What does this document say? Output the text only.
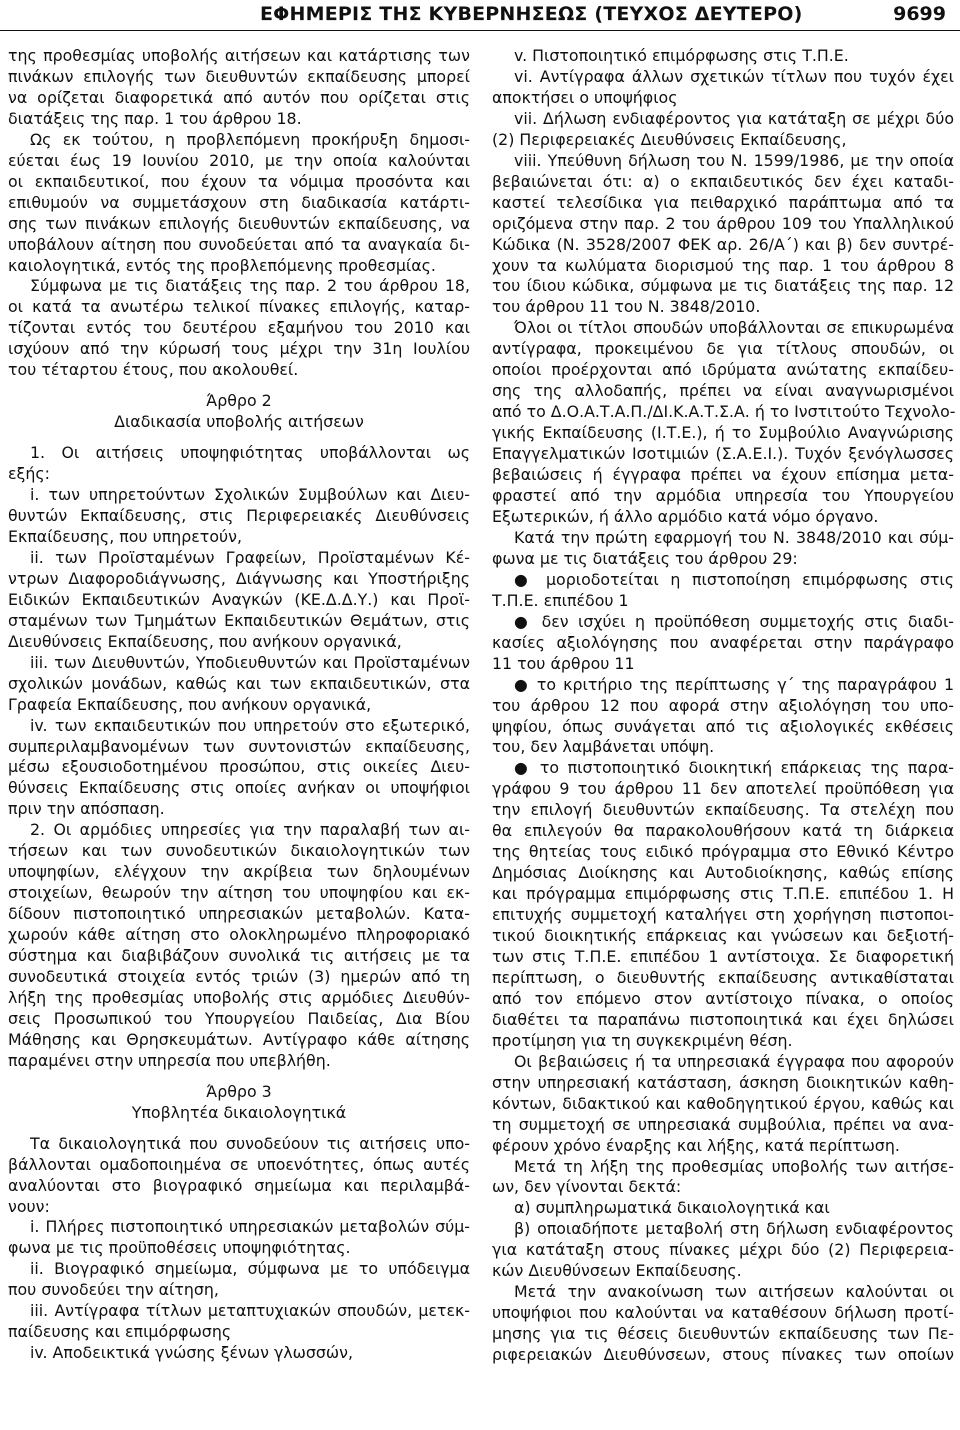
ΕΦΗΜΕΡΙΣ ΤΗΣ ΚΥΒΕΡΝΗΣΕΩΣ (ΤΕΥΧΟΣ ΔΕΥΤΕΡΟ)	9699
της προθεσμίας υποβολής αιτήσεων και κατάρτισης των
πινάκων επιλογής των διευθυντών εκπαίδευσης μπορεί
να ορίζεται διαφορετικά από αυτόν που ορίζεται στις
διατάξεις της παρ. 1 του άρθρου 18.
Ως εκ τούτου, η προβλεπόμενη προκήρυξη δημοσι-
εύεται έως 19 Ιουνίου 2010, με την οποία καλούνται
οι εκπαιδευτικοί, που έχουν τα νόμιμα προσόντα και
επιθυμούν να συμμετάσχουν στη διαδικασία κατάρτι-
σης των πινάκων επιλογής διευθυντών εκπαίδευσης, να
υποβάλουν αίτηση που συνοδεύεται από τα αναγκαία δι-
καιολογητικά, εντός της προβλεπόμενης προθεσμίας.
Σύμφωνα με τις διατάξεις της παρ. 2 του άρθρου 18,
οι κατά τα ανωτέρω τελικοί πίνακες επιλογής, καταρ-
τίζονται εντός του δευτέρου εξαμήνου του 2010 και
ισχύουν από την κύρωσή τους μέχρι την 31η Ιουλίου
του τέταρτου έτους, που ακολουθεί.
Άρθρο 2
Διαδικασία υποβολής αιτήσεων
1. Οι αιτήσεις υποψηφιότητας υποβάλλονται ως
εξής:
i. των υπηρετούντων Σχολικών Συμβούλων και Διευ-
θυντών Εκπαίδευσης, στις Περιφερειακές Διευθύνσεις
Εκπαίδευσης, που υπηρετούν,
ii. των Προϊσταμένων Γραφείων, Προϊσταμένων Κέ-
ντρων Διαφοροδιάγνωσης, Διάγνωσης και Υποστήριξης
Ειδικών Εκπαιδευτικών Αναγκών (ΚΕ.Δ.Δ.Υ.) και Προϊ-
σταμένων των Τμημάτων Εκπαιδευτικών Θεμάτων, στις
Διευθύνσεις Εκπαίδευσης, που ανήκουν οργανικά,
iii. των Διευθυντών, Υποδιευθυντών και Προϊσταμένων
σχολικών μονάδων, καθώς και των εκπαιδευτικών, στα
Γραφεία Εκπαίδευσης, που ανήκουν οργανικά,
iv. των εκπαιδευτικών που υπηρετούν στο εξωτερικό,
συμπεριλαμβανομένων των συντονιστών εκπαίδευσης,
μέσω εξουσιοδοτημένου προσώπου, στις οικείες Διευ-
θύνσεις Εκπαίδευσης στις οποίες ανήκαν οι υποψήφιοι
πριν την απόσπαση.
2. Οι αρμόδιες υπηρεσίες για την παραλαβή των αι-
τήσεων και των συνοδευτικών δικαιολογητικών των
υποψηφίων, ελέγχουν την ακρίβεια των δηλουμένων
στοιχείων, θεωρούν την αίτηση του υποψηφίου και εκ-
δίδουν πιστοποιητικό υπηρεσιακών μεταβολών. Κατα-
χωρούν κάθε αίτηση στο ολοκληρωμένο πληροφοριακό
σύστημα και διαβιβάζουν συνολικά τις αιτήσεις με τα
συνοδευτικά στοιχεία εντός τριών (3) ημερών από τη
λήξη της προθεσμίας υποβολής στις αρμόδιες Διευθύν-
σεις Προσωπικού του Υπουργείου Παιδείας, Δια Βίου
Μάθησης και Θρησκευμάτων. Αντίγραφο κάθε αίτησης
παραμένει στην υπηρεσία που υπεβλήθη.
Άρθρο 3
Υποβλητέα δικαιολογητικά
Τα δικαιολογητικά που συνοδεύουν τις αιτήσεις υπο-
βάλλονται ομαδοποιημένα σε υποενότητες, όπως αυτές
αναλύονται στο βιογραφικό σημείωμα και περιλαμβά-
νουν:
i. Πλήρες πιστοποιητικό υπηρεσιακών μεταβολών σύμ-
φωνα με τις προϋποθέσεις υποψηφιότητας.
ii. Βιογραφικό σημείωμα, σύμφωνα με το υπόδειγμα
που συνοδεύει την αίτηση,
iii. Αντίγραφα τίτλων μεταπτυχιακών σπουδών, μετεκ-
παίδευσης και επιμόρφωσης
iv. Αποδεικτικά γνώσης ξένων γλωσσών,
v. Πιστοποιητικό επιμόρφωσης στις Τ.Π.Ε.
vi. Αντίγραφα άλλων σχετικών τίτλων που τυχόν έχει
αποκτήσει ο υποψήφιος
vii. Δήλωση ενδιαφέροντος για κατάταξη σε μέχρι δύο
(2) Περιφερειακές Διευθύνσεις Εκπαίδευσης,
viii. Υπεύθυνη δήλωση του Ν. 1599/1986, με την οποία
βεβαιώνεται ότι: α) ο εκπαιδευτικός δεν έχει καταδι-
καστεί τελεσίδικα για πειθαρχικό παράπτωμα από τα
οριζόμενα στην παρ. 2 του άρθρου 109 του Υπαλληλικού
Κώδικα (Ν. 3528/2007 ΦΕΚ αρ. 26/Α΄) και β) δεν συντρέ-
χουν τα κωλύματα διορισμού της παρ. 1 του άρθρου 8
του ίδιου κώδικα, σύμφωνα με τις διατάξεις της παρ. 12
του άρθρου 11 του Ν. 3848/2010.
Όλοι οι τίτλοι σπουδών υποβάλλονται σε επικυρωμένα
αντίγραφα, προκειμένου δε για τίτλους σπουδών, οι
οποίοι προέρχονται από ιδρύματα ανώτατης εκπαίδευ-
σης της αλλοδαπής, πρέπει να είναι αναγνωρισμένοι
από το Δ.Ο.Α.Τ.Α.Π./ΔΙ.Κ.Α.Τ.Σ.Α. ή το Ινστιτούτο Τεχνολο-
γικής Εκπαίδευσης (Ι.Τ.Ε.), ή το Συμβούλιο Αναγνώρισης
Επαγγελματικών Ισοτιμιών (Σ.Α.Ε.Ι.). Τυχόν ξενόγλωσσες
βεβαιώσεις ή έγγραφα πρέπει να έχουν επίσημα μετα-
φραστεί από την αρμόδια υπηρεσία του Υπουργείου
Εξωτερικών, ή άλλο αρμόδιο κατά νόμο όργανο.
Κατά την πρώτη εφαρμογή του Ν. 3848/2010 και σύμ-
φωνα με τις διατάξεις του άρθρου 29:
● μοριοδοτείται η πιστοποίηση επιμόρφωσης στις
Τ.Π.Ε. επιπέδου 1
● δεν ισχύει η προϋπόθεση συμμετοχής στις διαδι-
κασίες αξιολόγησης που αναφέρεται στην παράγραφο
11 του άρθρου 11
● το κριτήριο της περίπτωσης γ΄ της παραγράφου 1
του άρθρου 12 που αφορά στην αξιολόγηση του υπο-
ψηφίου, όπως συνάγεται από τις αξιολογικές εκθέσεις
του, δεν λαμβάνεται υπόψη.
● το πιστοποιητικό διοικητική επάρκειας της παρα-
γράφου 9 του άρθρου 11 δεν αποτελεί προϋπόθεση για
την επιλογή διευθυντών εκπαίδευσης. Τα στελέχη που
θα επιλεγούν θα παρακολουθήσουν κατά τη διάρκεια
της θητείας τους ειδικό πρόγραμμα στο Εθνικό Κέντρο
Δημόσιας Διοίκησης και Αυτοδιοίκησης, καθώς επίσης
και πρόγραμμα επιμόρφωσης στις Τ.Π.Ε. επιπέδου 1. Η
επιτυχής συμμετοχή καταλήγει στη χορήγηση πιστοποι-
τικού διοικητικής επάρκειας και γνώσεων και δεξιοτή-
των στις Τ.Π.Ε. επιπέδου 1 αντίστοιχα. Σε διαφορετική
περίπτωση, ο διευθυντής εκπαίδευσης αντικαθίσταται
από τον επόμενο στον αντίστοιχο πίνακα, ο οποίος
διαθέτει τα παραπάνω πιστοποιητικά και έχει δηλώσει
προτίμηση για τη συγκεκριμένη θέση.
Οι βεβαιώσεις ή τα υπηρεσιακά έγγραφα που αφορούν
στην υπηρεσιακή κατάσταση, άσκηση διοικητικών καθη-
κόντων, διδακτικού και καθοδηγητικού έργου, καθώς και
τη συμμετοχή σε υπηρεσιακά συμβούλια, πρέπει να ανα-
φέρουν χρόνο έναρξης και λήξης, κατά περίπτωση.
Μετά τη λήξη της προθεσμίας υποβολής των αιτήσε-
ων, δεν γίνονται δεκτά:
α) συμπληρωματικά δικαιολογητικά και
β) οποιαδήποτε μεταβολή στη δήλωση ενδιαφέροντος
για κατάταξη στους πίνακες μέχρι δύο (2) Περιφερεια-
κών Διευθύνσεων Εκπαίδευσης.
Μετά την ανακοίνωση των αιτήσεων καλούνται οι
υποψήφιοι που καλούνται να καταθέσουν δήλωση προτί-
μησης για τις θέσεις διευθυντών εκπαίδευσης των Πε-
ριφερειακών Διευθύνσεων, στους πίνακες των οποίων
